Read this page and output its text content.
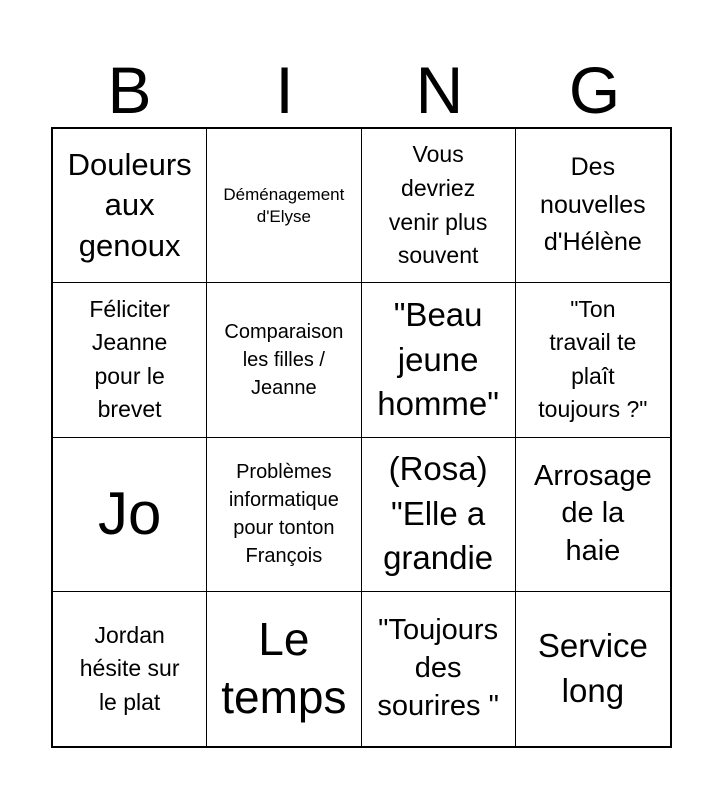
B	I	N	G
Douleurs
aux
genoux
Déménagement
d'Elyse
Vous
devriez
venir plus
souvent
Des
nouvelles
d'Hélène
Féliciter
Jeanne
pour le
brevet
Comparaison
les filles /
Jeanne
"Beau
jeune
homme"
"Ton
travail te
plaît
toujours ?"
Jo
Problèmes
informatique
pour tonton
François
(Rosa)
"Elle a
grandie
Arrosage
de la
haie
Jordan
hésite sur
le plat
Le
temps
"Toujours
des
sourires "
Service
long
